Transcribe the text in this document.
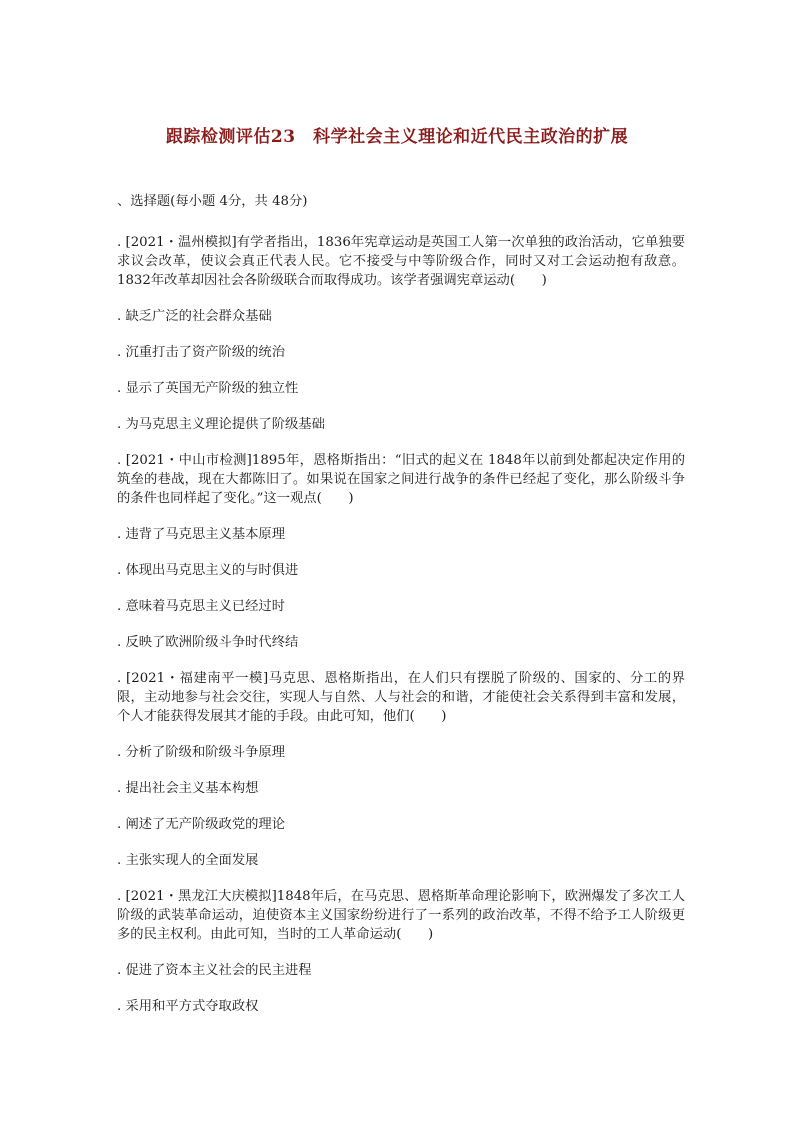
跟踪检测评估23　科学社会主义理论和近代民主政治的扩展
、选择题(每小题 4分，共 48分)
. [2021・温州模拟]有学者指出，1836年宪章运动是英国工人第一次单独的政治活动，它单独要求议会改革，使议会真正代表人民。它不接受与中等阶级合作，同时又对工会运动抱有敌意。1832年改革却因社会各阶级联合而取得成功。该学者强调宪章运动(　　)
. 缺乏广泛的社会群众基础
. 沉重打击了资产阶级的统治
. 显示了英国无产阶级的独立性
. 为马克思主义理论提供了阶级基础
. [2021・中山市检测]1895年，恩格斯指出：“旧式的起义在 1848年以前到处都起决定作用的筑垒的巷战，现在大都陈旧了。如果说在国家之间进行战争的条件已经起了变化，那么阶级斗争的条件也同样起了变化。”这一观点(　　)
. 违背了马克思主义基本原理
. 体现出马克思主义的与时俱进
. 意味着马克思主义已经过时
. 反映了欧洲阶级斗争时代终结
. [2021・福建南平一模]马克思、恩格斯指出，在人们只有摆脱了阶级的、国家的、分工的界限，主动地参与社会交往，实现人与自然、人与社会的和谐，才能使社会关系得到丰富和发展，个人才能获得发展其才能的手段。由此可知，他们(　　)
. 分析了阶级和阶级斗争原理
. 提出社会主义基本构想
. 阐述了无产阶级政党的理论
. 主张实现人的全面发展
. [2021・黑龙江大庆模拟]1848年后，在马克思、恩格斯革命理论影响下，欧洲爆发了多次工人阶级的武装革命运动，迫使资本主义国家纷纷进行了一系列的政治改革，不得不给予工人阶级更多的民主权利。由此可知，当时的工人革命运动(　　)
. 促进了资本主义社会的民主进程
. 采用和平方式夺取政权
